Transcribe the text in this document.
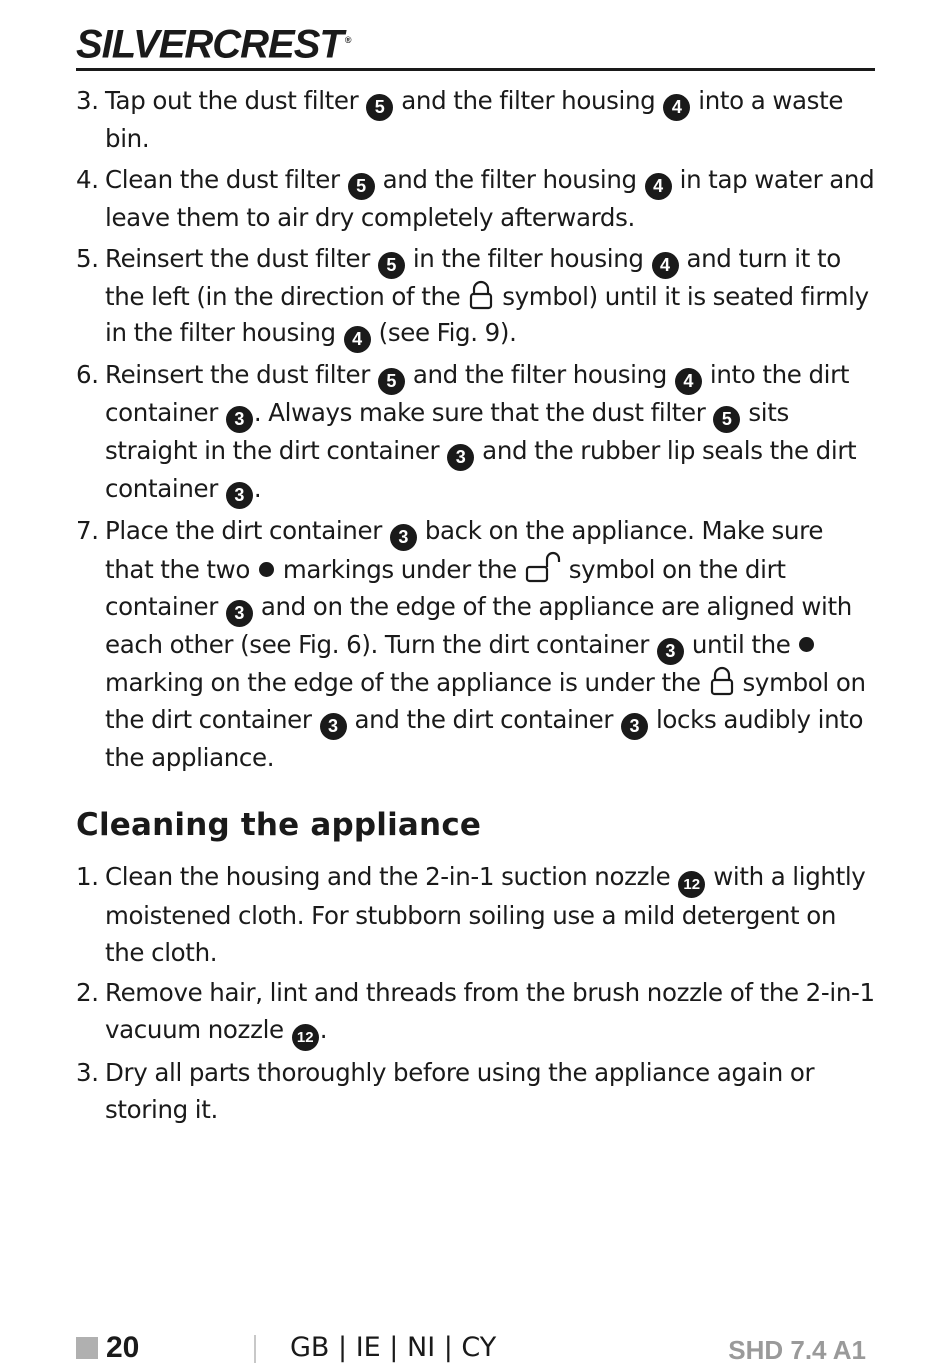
SILVERCREST ®
3. Tap out the dust filter 5 and the filter housing 4 into a waste bin.
4. Clean the dust filter 5 and the filter housing 4 in tap water and leave them to air dry completely afterwards.
5. Reinsert the dust filter 5 in the filter housing 4 and turn it to the left (in the direction of the  symbol) until it is seated firmly in the filter housing 4 (see Fig. 9).
6. Reinsert the dust filter 5 and the filter housing 4 into the dirt container 3 . Always make sure that the dust filter 5 sits straight in the dirt container 3 and the rubber lip seals the dirt container 3 .
7. Place the dirt container 3 back on the appliance. Make sure that the two  markings under the  symbol on the dirt container 3 and on the edge of the appliance are aligned with each other (see Fig. 6). Turn the dirt container 3 until the  marking on the edge of the appliance is under the  symbol on the dirt container 3 and the dirt container 3 locks audibly into the appliance.
Cleaning the appliance
1. Clean the housing and the 2-in-1 suction nozzle 12 with a lightly moistened cloth. For stubborn soiling use a mild detergent on the cloth.
2. Remove hair, lint and threads from the brush nozzle of the 2-in-1 vacuum nozzle 12 .
3. Dry all parts thoroughly before using the appliance again or storing it.
20	GB | IE | NI | CY	SHD 7.4 A1
